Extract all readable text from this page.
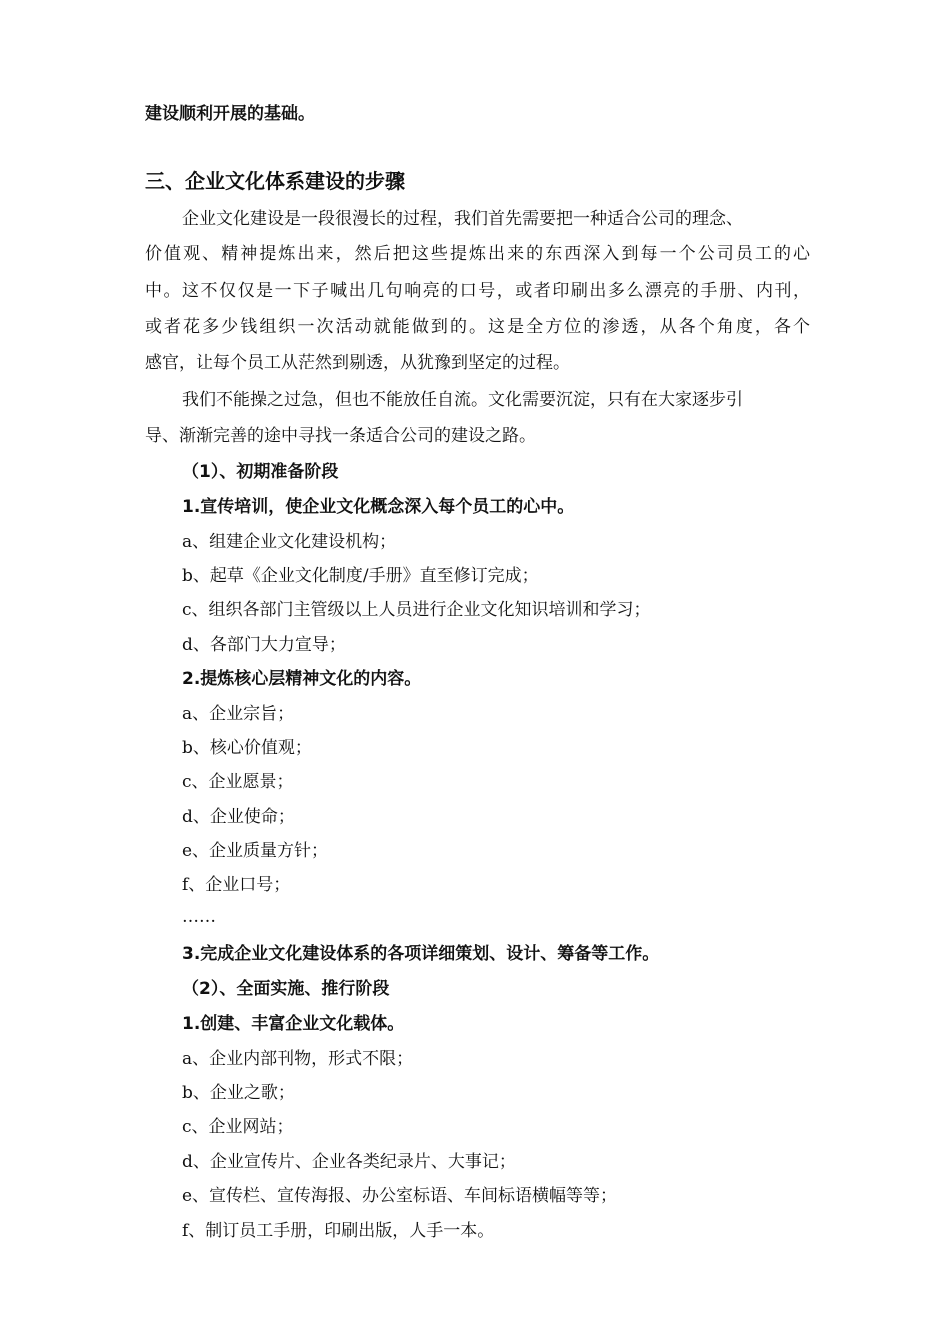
建设顺利开展的基础。
三、企业文化体系建设的步骤
企业文化建设是一段很漫长的过程，我们首先需要把一种适合公司的理念、
价值观、精神提炼出来，然后把这些提炼出来的东西深入到每一个公司员工的心
中。这不仅仅是一下子喊出几句响亮的口号，或者印刷出多么漂亮的手册、内刊，
或者花多少钱组织一次活动就能做到的。这是全方位的渗透，从各个角度，各个
感官，让每个员工从茫然到剔透，从犹豫到坚定的过程。
我们不能操之过急，但也不能放任自流。文化需要沉淀，只有在大家逐步引
导、渐渐完善的途中寻找一条适合公司的建设之路。
（1）、初期准备阶段
1.宣传培训，使企业文化概念深入每个员工的心中。
a、组建企业文化建设机构；
b、起草《企业文化制度/手册》直至修订完成；
c、组织各部门主管级以上人员进行企业文化知识培训和学习；
d、各部门大力宣导；
2.提炼核心层精神文化的内容。
a、企业宗旨；
b、核心价值观；
c、企业愿景；
d、企业使命；
e、企业质量方针；
f、企业口号；
……
3.完成企业文化建设体系的各项详细策划、设计、筹备等工作。
（2）、全面实施、推行阶段
1.创建、丰富企业文化载体。
a、企业内部刊物，形式不限；
b、企业之歌；
c、企业网站；
d、企业宣传片、企业各类纪录片、大事记；
e、宣传栏、宣传海报、办公室标语、车间标语横幅等等；
f、制订员工手册，印刷出版，人手一本。
